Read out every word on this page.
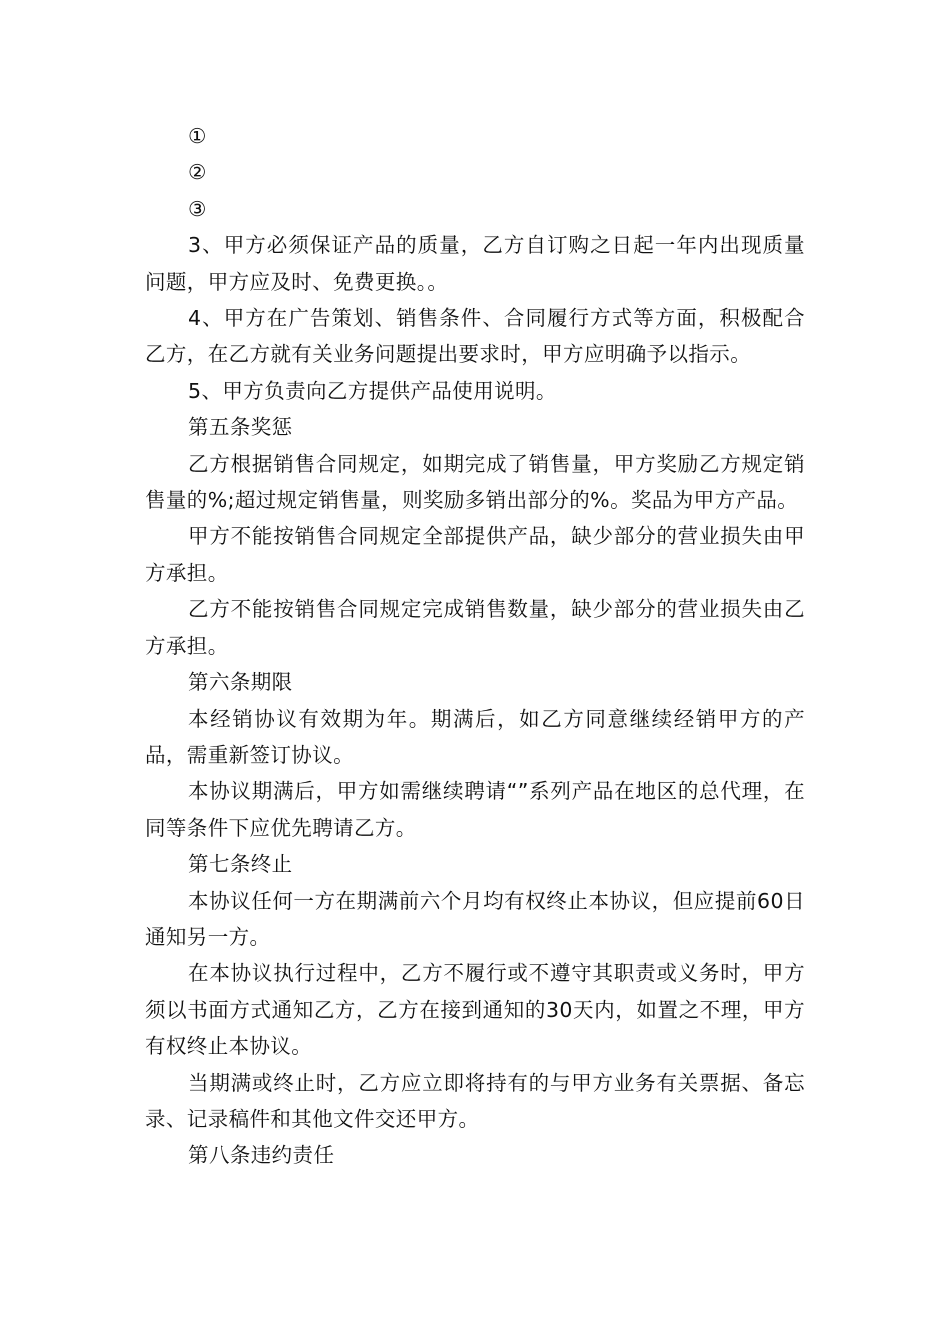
①

②

③

3、甲方必须保证产品的质量，乙方自订购之日起一年内出现质量问题，甲方应及时、免费更换。。

4、甲方在广告策划、销售条件、合同履行方式等方面，积极配合乙方，在乙方就有关业务问题提出要求时，甲方应明确予以指示。

5、甲方负责向乙方提供产品使用说明。

第五条奖惩

乙方根据销售合同规定，如期完成了销售量，甲方奖励乙方规定销售量的%;超过规定销售量，则奖励多销出部分的%。奖品为甲方产品。

甲方不能按销售合同规定全部提供产品，缺少部分的营业损失由甲方承担。

乙方不能按销售合同规定完成销售数量，缺少部分的营业损失由乙方承担。

第六条期限

本经销协议有效期为年。期满后，如乙方同意继续经销甲方的产品，需重新签订协议。

本协议期满后，甲方如需继续聘请“”系列产品在地区的总代理，在同等条件下应优先聘请乙方。

第七条终止

本协议任何一方在期满前六个月均有权终止本协议，但应提前60日通知另一方。

在本协议执行过程中，乙方不履行或不遵守其职责或义务时，甲方须以书面方式通知乙方，乙方在接到通知的30天内，如置之不理，甲方有权终止本协议。

当期满或终止时，乙方应立即将持有的与甲方业务有关票据、备忘录、记录稿件和其他文件交还甲方。

第八条违约责任
